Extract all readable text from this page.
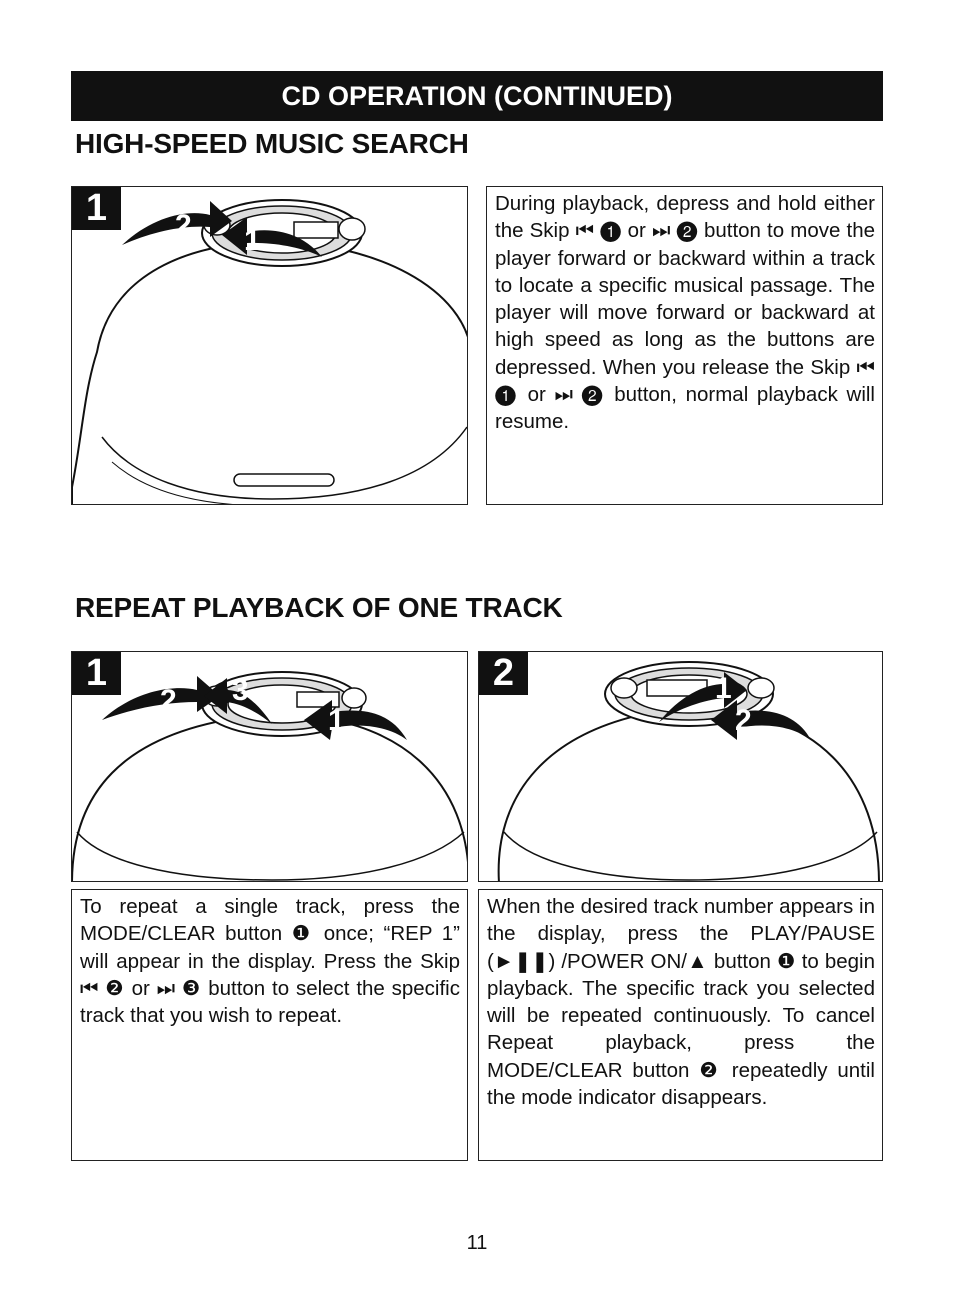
CD OPERATION (CONTINUED)
HIGH-SPEED MUSIC SEARCH
2 1
1	During playback, depress and hold either the Skip ⏮ ❶ or ⏭ ❷ button to move the player forward or backward within a track to locate a specific musical passage. The player will move forward or backward at high speed as long as the buttons are depressed. When you release the Skip ⏮ ❶ or ⏭ ❷ button, normal playback will resume.
REPEAT PLAYBACK OF ONE TRACK
2 3
1
1	1
2
2
To repeat a single track, press the MODE/CLEAR button ❶ once; “REP 1” will appear in the display. Press the Skip ⏮ ❷ or ⏭ ❸ button to select the specific track that you wish to repeat.
When the desired track number appears in the display, press the PLAY/PAUSE (►❚❚) /POWER ON/▲ button ❶ to begin playback. The specific track you selected will be repeated continuously. To cancel Repeat playback, press the MODE/CLEAR button ❷ repeatedly until the mode indicator disappears.
11
